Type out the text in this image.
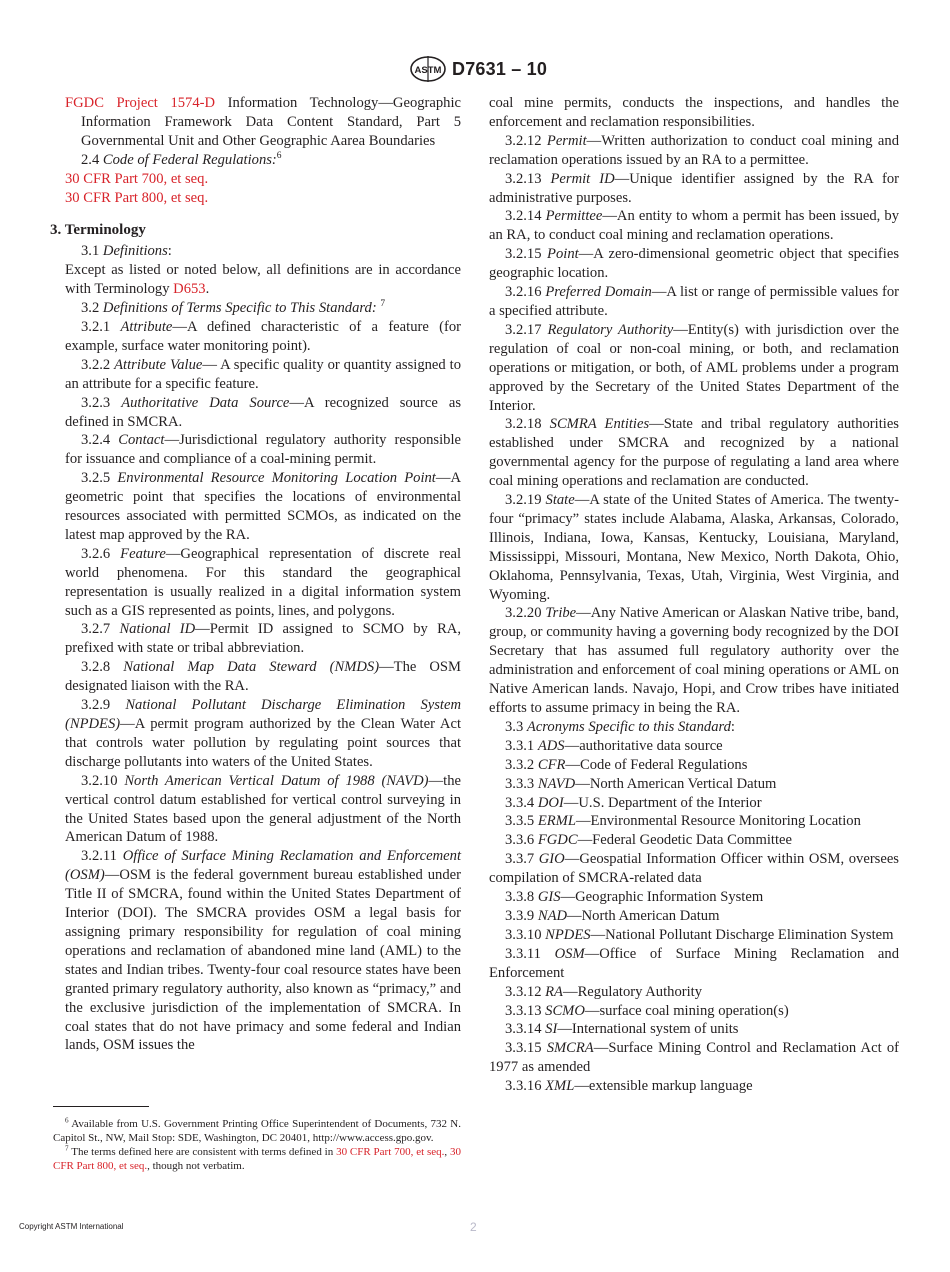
ASTM D7631 – 10

FGDC Project 1574-D Information Technology—Geographic Information Framework Data Content Standard, Part 5 Governmental Unit and Other Geographic Aarea Boundaries

2.4 Code of Federal Regulations:$^6$

30 CFR Part 700, et seq.

30 CFR Part 800, et seq.

3. Terminology

3.1 Definitions:

Except as listed or noted below, all definitions are in accordance with Terminology D653.

3.2 Definitions of Terms Specific to This Standard: $^7$

3.2.1 Attribute—A defined characteristic of a feature (for example, surface water monitoring point).

3.2.2 Attribute Value— A specific quality or quantity assigned to an attribute for a specific feature.

3.2.3 Authoritative Data Source—A recognized source as defined in SMCRA.

3.2.4 Contact—Jurisdictional regulatory authority responsible for issuance and compliance of a coal-mining permit.

3.2.5 Environmental Resource Monitoring Location Point—A geometric point that specifies the locations of environmental resources associated with permitted SCMOs, as indicated on the latest map approved by the RA.

3.2.6 Feature—Geographical representation of discrete real world phenomena. For this standard the geographical representation is usually realized in a digital information system such as a GIS represented as points, lines, and polygons.

3.2.7 National ID—Permit ID assigned to SCMO by RA, prefixed with state or tribal abbreviation.

3.2.8 National Map Data Steward (NMDS)—The OSM designated liaison with the RA.

3.2.9 National Pollutant Discharge Elimination System (NPDES)—A permit program authorized by the Clean Water Act that controls water pollution by regulating point sources that discharge pollutants into waters of the United States.

3.2.10 North American Vertical Datum of 1988 (NAVD)—the vertical control datum established for vertical control surveying in the United States based upon the general adjustment of the North American Datum of 1988.

3.2.11 Office of Surface Mining Reclamation and Enforcement (OSM)—OSM is the federal government bureau established under Title II of SMCRA, found within the United States Department of Interior (DOI). The SMCRA provides OSM a legal basis for assigning primary responsibility for regulation of coal mining operations and reclamation of abandoned mine land (AML) to the states and Indian tribes. Twenty-four coal resource states have been granted primary regulatory authority, also known as “primacy,” and the exclusive jurisdiction of the implementation of SMCRA. In coal states that do not have primacy and some federal and Indian lands, OSM issues the

coal mine permits, conducts the inspections, and handles the enforcement and reclamation responsibilities.

3.2.12 Permit—Written authorization to conduct coal mining and reclamation operations issued by an RA to a permittee.

3.2.13 Permit ID—Unique identifier assigned by the RA for administrative purposes.

3.2.14 Permittee—An entity to whom a permit has been issued, by an RA, to conduct coal mining and reclamation operations.

3.2.15 Point—A zero-dimensional geometric object that specifies geographic location.

3.2.16 Preferred Domain—A list or range of permissible values for a specified attribute.

3.2.17 Regulatory Authority—Entity(s) with jurisdiction over the regulation of coal or non-coal mining, or both, and reclamation operations or mitigation, or both, of AML problems under a program approved by the Secretary of the United States Department of the Interior.

3.2.18 SCMRA Entities—State and tribal regulatory authorities established under SMCRA and recognized by a national governmental agency for the purpose of regulating a land area where coal mining operations and reclamation are conducted.

3.2.19 State—A state of the United States of America. The twenty-four “primacy” states include Alabama, Alaska, Arkansas, Colorado, Illinois, Indiana, Iowa, Kansas, Kentucky, Louisiana, Maryland, Mississippi, Missouri, Montana, New Mexico, North Dakota, Ohio, Oklahoma, Pennsylvania, Texas, Utah, Virginia, West Virginia, and Wyoming.

3.2.20 Tribe—Any Native American or Alaskan Native tribe, band, group, or community having a governing body recognized by the DOI Secretary that has assumed full regulatory authority over the administration and enforcement of coal mining operations or AML on Native American lands. Navajo, Hopi, and Crow tribes have initiated efforts to assume primacy in being the RA.

3.3 Acronyms Specific to this Standard:

3.3.1 ADS—authoritative data source

3.3.2 CFR—Code of Federal Regulations

3.3.3 NAVD—North American Vertical Datum

3.3.4 DOI—U.S. Department of the Interior

3.3.5 ERML—Environmental Resource Monitoring Location

3.3.6 FGDC—Federal Geodetic Data Committee

3.3.7 GIO—Geospatial Information Officer within OSM, oversees compilation of SMCRA-related data

3.3.8 GIS—Geographic Information System

3.3.9 NAD—North American Datum

3.3.10 NPDES—National Pollutant Discharge Elimination System

3.3.11 OSM—Office of Surface Mining Reclamation and Enforcement

3.3.12 RA—Regulatory Authority

3.3.13 SCMO—surface coal mining operation(s)

3.3.14 SI—International system of units

3.3.15 SMCRA—Surface Mining Control and Reclamation Act of 1977 as amended

3.3.16 XML—extensible markup language

$^6$ Available from U.S. Government Printing Office Superintendent of Documents, 732 N. Capitol St., NW, Mail Stop: SDE, Washington, DC 20401, http://www.access.gpo.gov.

$^7$ The terms defined here are consistent with terms defined in 30 CFR Part 700, et seq., 30 CFR Part 800, et seq., though not verbatim.

Copyright ASTM International	2
